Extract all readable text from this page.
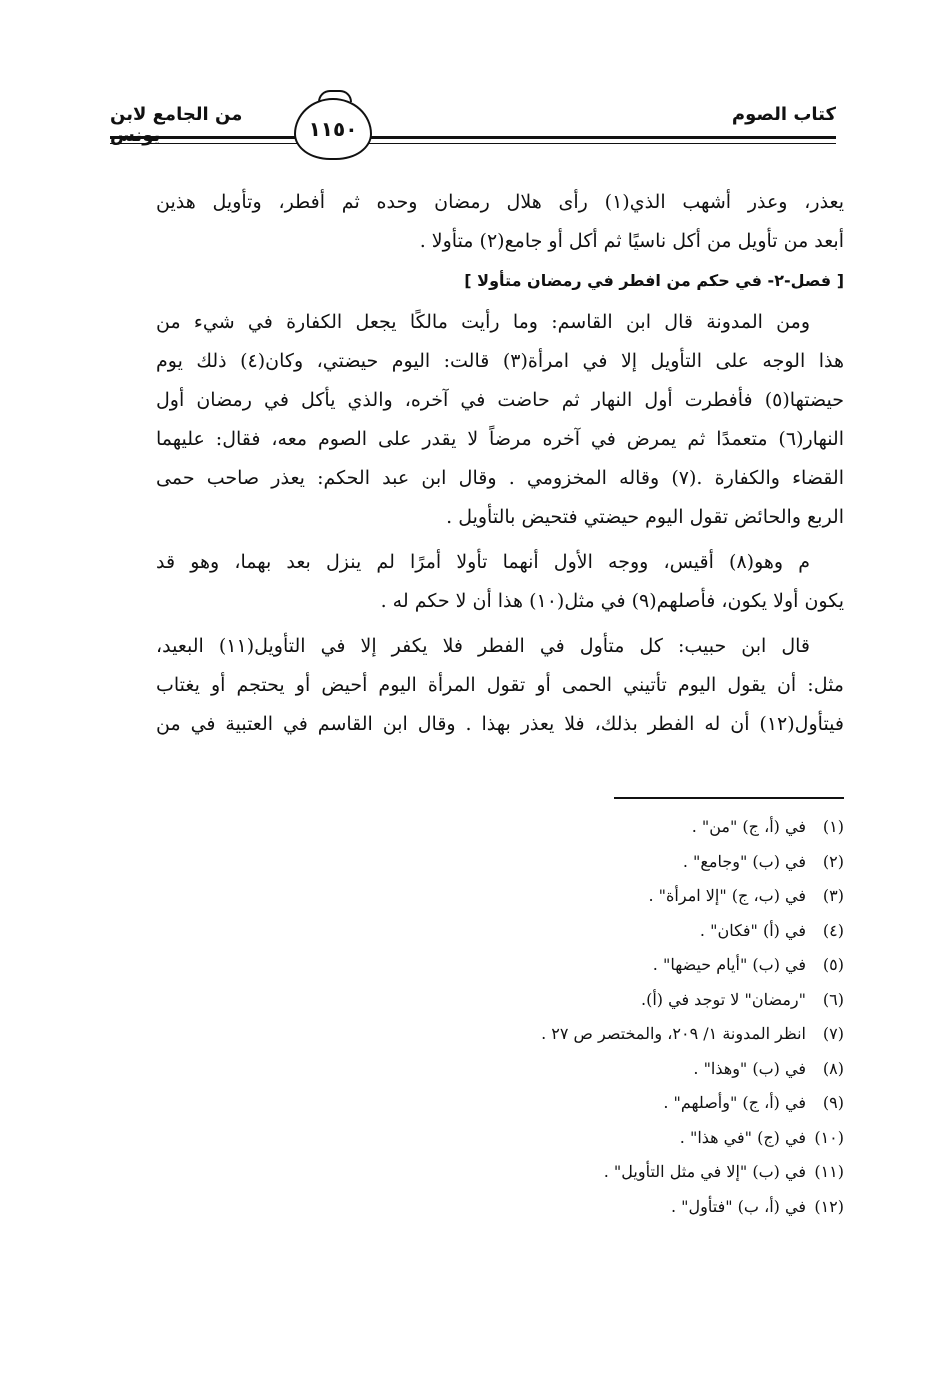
من الجامع لابن يونس
كتاب الصوم
١١٥٠
يعذر، وعذر أشهب الذي(١) رأى هلال رمضان وحده ثم أفطر، وتأويل هذين
أبعد من تأويل من أكل ناسيًا ثم أكل أو جامع(٢) متأولا .
[ فصل-٢- في حكم من افطر في رمضان متأولا ]
ومن المدونة قال ابن القاسم: وما رأيت مالكًا يجعل الكفارة في شيء من
هذا الوجه على التأويل إلا في امرأة(٣) قالت: اليوم حيضتي، وكان(٤) ذلك يوم
حيضتها(٥) فأفطرت أول النهار ثم حاضت في آخره، والذي يأكل في رمضان أول
النهار(٦) متعمدًا ثم يمرض في آخره مرضاً لا يقدر على الصوم معه، فقال: عليهما
القضاء والكفارة .(٧) وقاله المخزومي . وقال ابن عبد الحكم: يعذر صاحب حمى
الربع والحائض تقول اليوم حيضتي فتحيض بالتأويل .
م وهو(٨) أقيس، ووجه الأول أنهما تأولا أمرًا لم ينزل بعد بهما، وهو قد
يكون أولا يكون، فأصلهم(٩) في مثل(١٠) هذا أن لا حكم له .
قال ابن حبيب: كل متأول في الفطر فلا يكفر إلا في التأويل(١١) البعيد،
مثل: أن يقول اليوم تأتيني الحمى أو تقول المرأة اليوم أحيض أو يحتجم أو يغتاب
فيتأول(١٢) أن له الفطر بذلك، فلا يعذر بهذا . وقال ابن القاسم في العتبية في من
(١)في (أ، ج) "من" .
(٢)في (ب) "وجامع" .
(٣)في (ب، ج) "إلا امرأة" .
(٤)في (أ) "فكان" .
(٥)في (ب) "أيام حيضها" .
(٦)"رمضان" لا توجد في (أ).
(٧)انظر المدونة ١/ ٢٠٩، والمختصر ص ٢٧ .
(٨)في (ب) "وهذا" .
(٩)في (أ، ج) "وأصلهم" .
(١٠)في (ج) "في هذا" .
(١١)في (ب) "إلا في مثل التأويل" .
(١٢)في (أ، ب) "فتأول" .
